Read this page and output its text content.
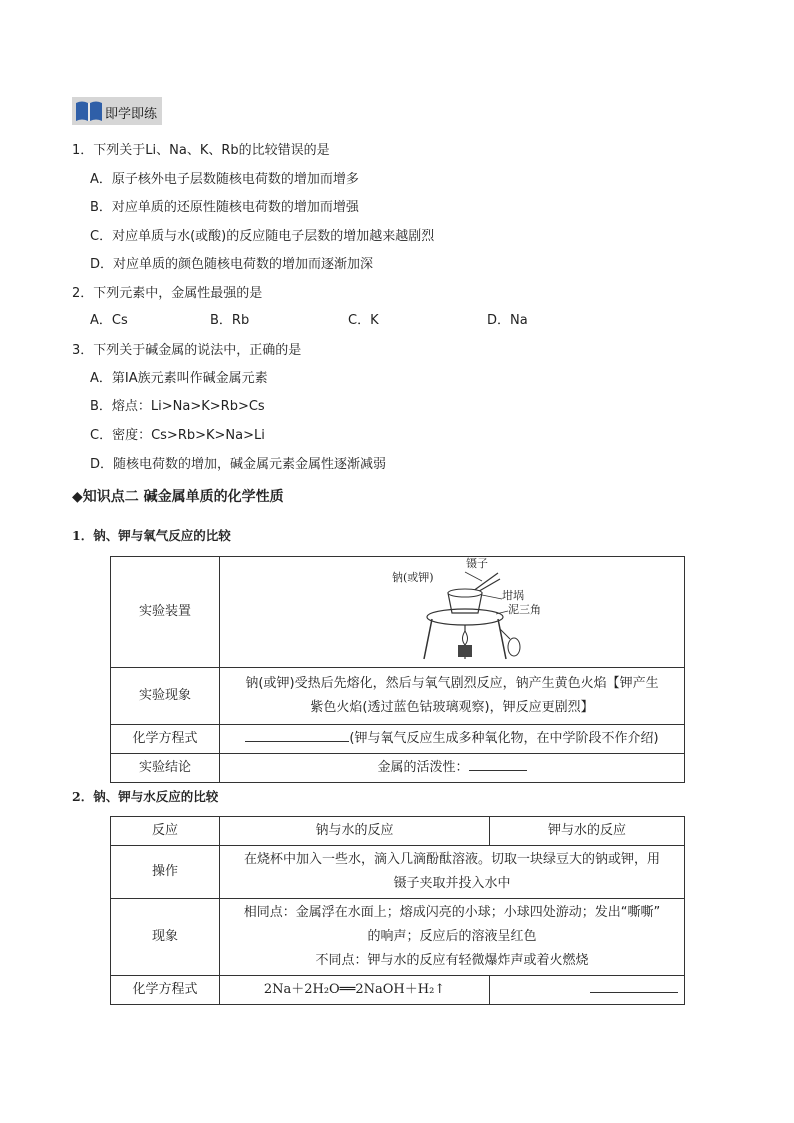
即学即练
1．下列关于Li、Na、K、Rb的比较错误的是
A．原子核外电子层数随核电荷数的增加而增多
B．对应单质的还原性随核电荷数的增加而增强
C．对应单质与水(或酸)的反应随电子层数的增加越来越剧烈
D．对应单质的颜色随核电荷数的增加而逐渐加深
2．下列元素中，金属性最强的是
A．Cs	B．Rb	C．K	D．Na
3．下列关于碱金属的说法中，正确的是
A．第ⅠA族元素叫作碱金属元素
B．熔点：Li>Na>K>Rb>Cs
C．密度：Cs>Rb>K>Na>Li
D．随核电荷数的增加，碱金属元素金属性逐渐减弱
◆知识点二 碱金属单质的化学性质
1．钠、钾与氧气反应的比较
实验装置	镊子
钠(或钾)
坩埚
泥三角

实验现象	钠(或钾)受热后先熔化，然后与氧气剧烈反应，钠产生黄色火焰【钾产生
紫色火焰(透过蓝色钴玻璃观察)，钾反应更剧烈】

化学方程式	(钾与氧气反应生成多种氧化物，在中学阶段不作介绍)
实验结论	金属的活泼性：
2．钠、钾与水反应的比较
反应	钠与水的反应	钾与水的反应
操作	在烧杯中加入一些水，滴入几滴酚酞溶液。切取一块绿豆大的钠或钾，用
镊子夹取并投入水中	

现象	相同点：金属浮在水面上；熔成闪亮的小球；小球四处游动；发出“嘶嘶”
的响声；反应后的溶液呈红色
不同点：钾与水的反应有轻微爆炸声或着火燃烧	

化学方程式	2Na＋2H₂O══2NaOH＋H₂↑	
